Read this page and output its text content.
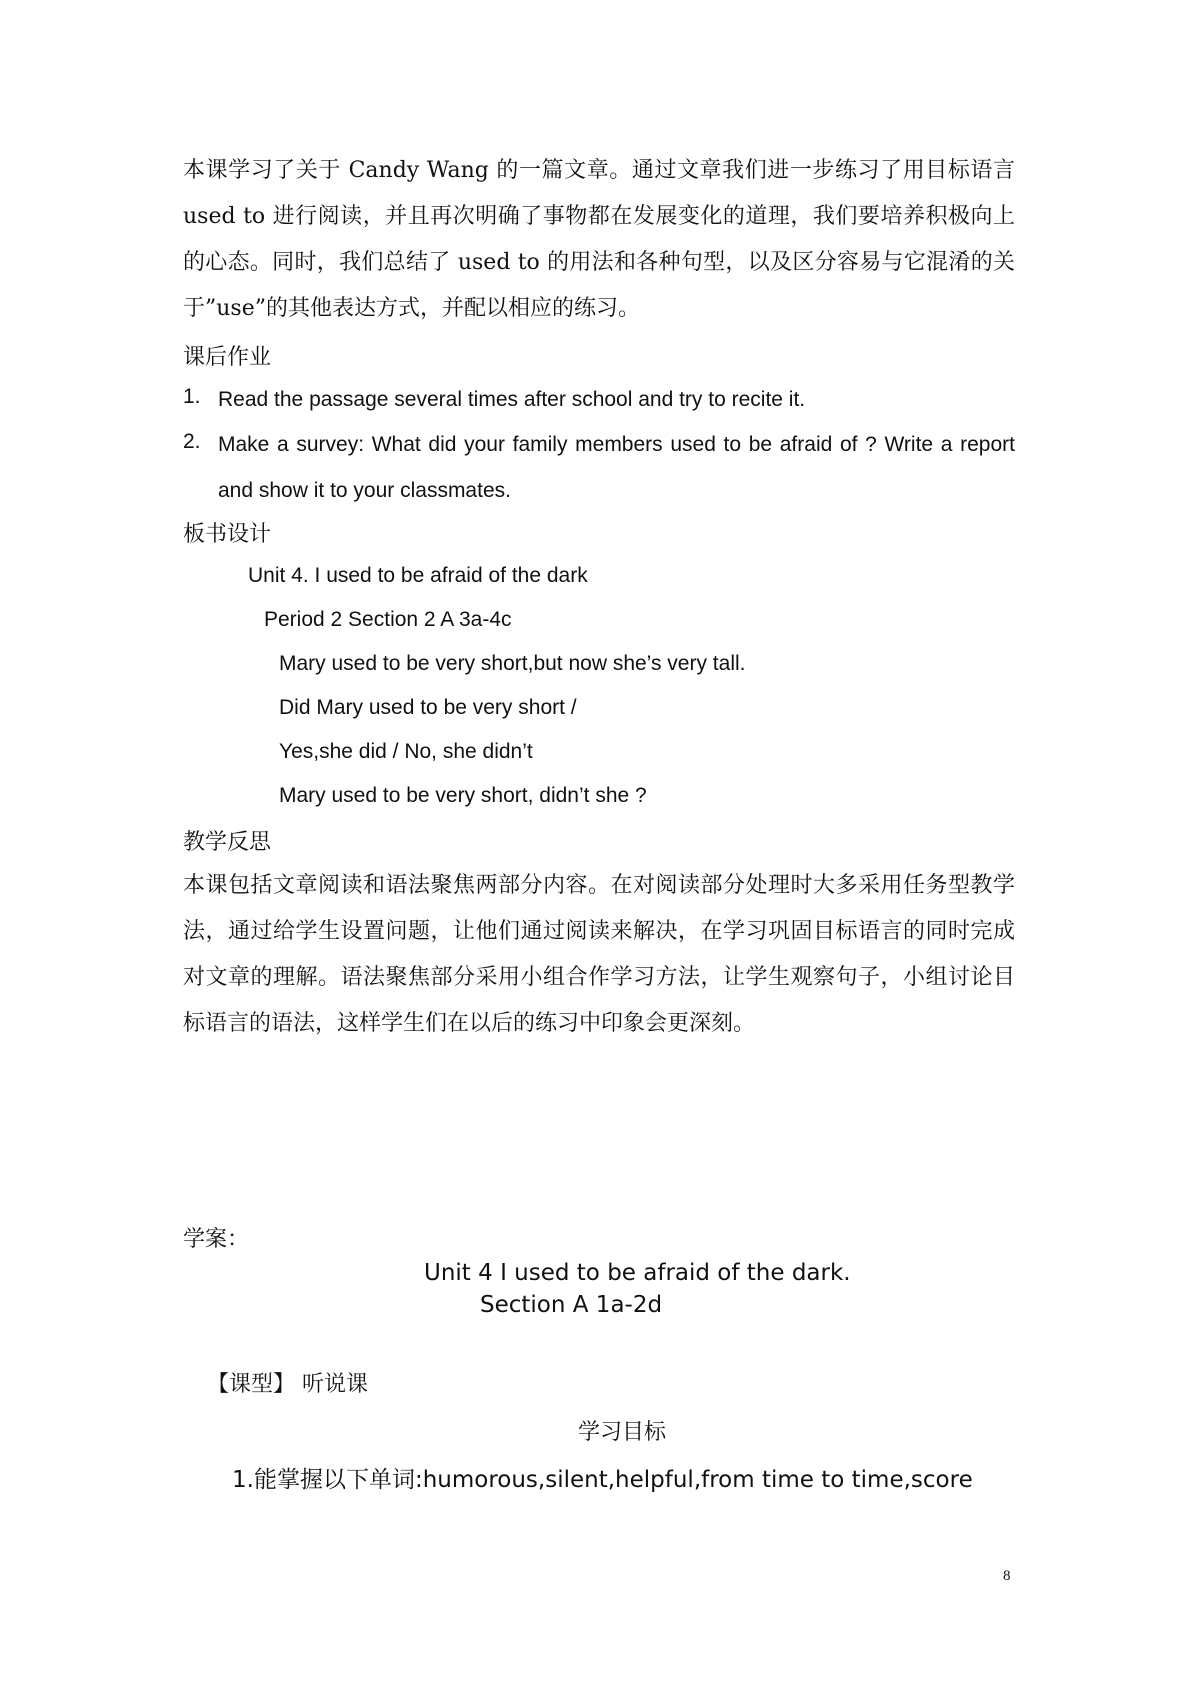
本课学习了关于 Candy Wang 的一篇文章。通过文章我们进一步练习了用目标语言 used to 进行阅读，并且再次明确了事物都在发展变化的道理，我们要培养积极向上的心态。同时，我们总结了 used to 的用法和各种句型，以及区分容易与它混淆的关于”use”的其他表达方式，并配以相应的练习。
课后作业
1. Read the passage several times after school and try to recite it.
2. Make a survey: What did your family members used to be afraid of ? Write a report and show it to your classmates.
板书设计
Unit 4. I used to be afraid of the dark
Period 2 Section 2 A 3a-4c
Mary used to be very short,but now she’s very tall.
Did Mary used to be very short /
Yes,she did / No, she didn’t
Mary used to be very short, didn’t she ?
教学反思
本课包括文章阅读和语法聚焦两部分内容。在对阅读部分处理时大多采用任务型教学法，通过给学生设置问题，让他们通过阅读来解决，在学习巩固目标语言的同时完成对文章的理解。语法聚焦部分采用小组合作学习方法，让学生观察句子，小组讨论目标语言的语法，这样学生们在以后的练习中印象会更深刻。
学案：
Unit 4 I used to be afraid of the dark.
Section A 1a-2d
【课型】 听说课
学习目标
1.能掌握以下单词:humorous,silent,helpful,from time to time,score
8
